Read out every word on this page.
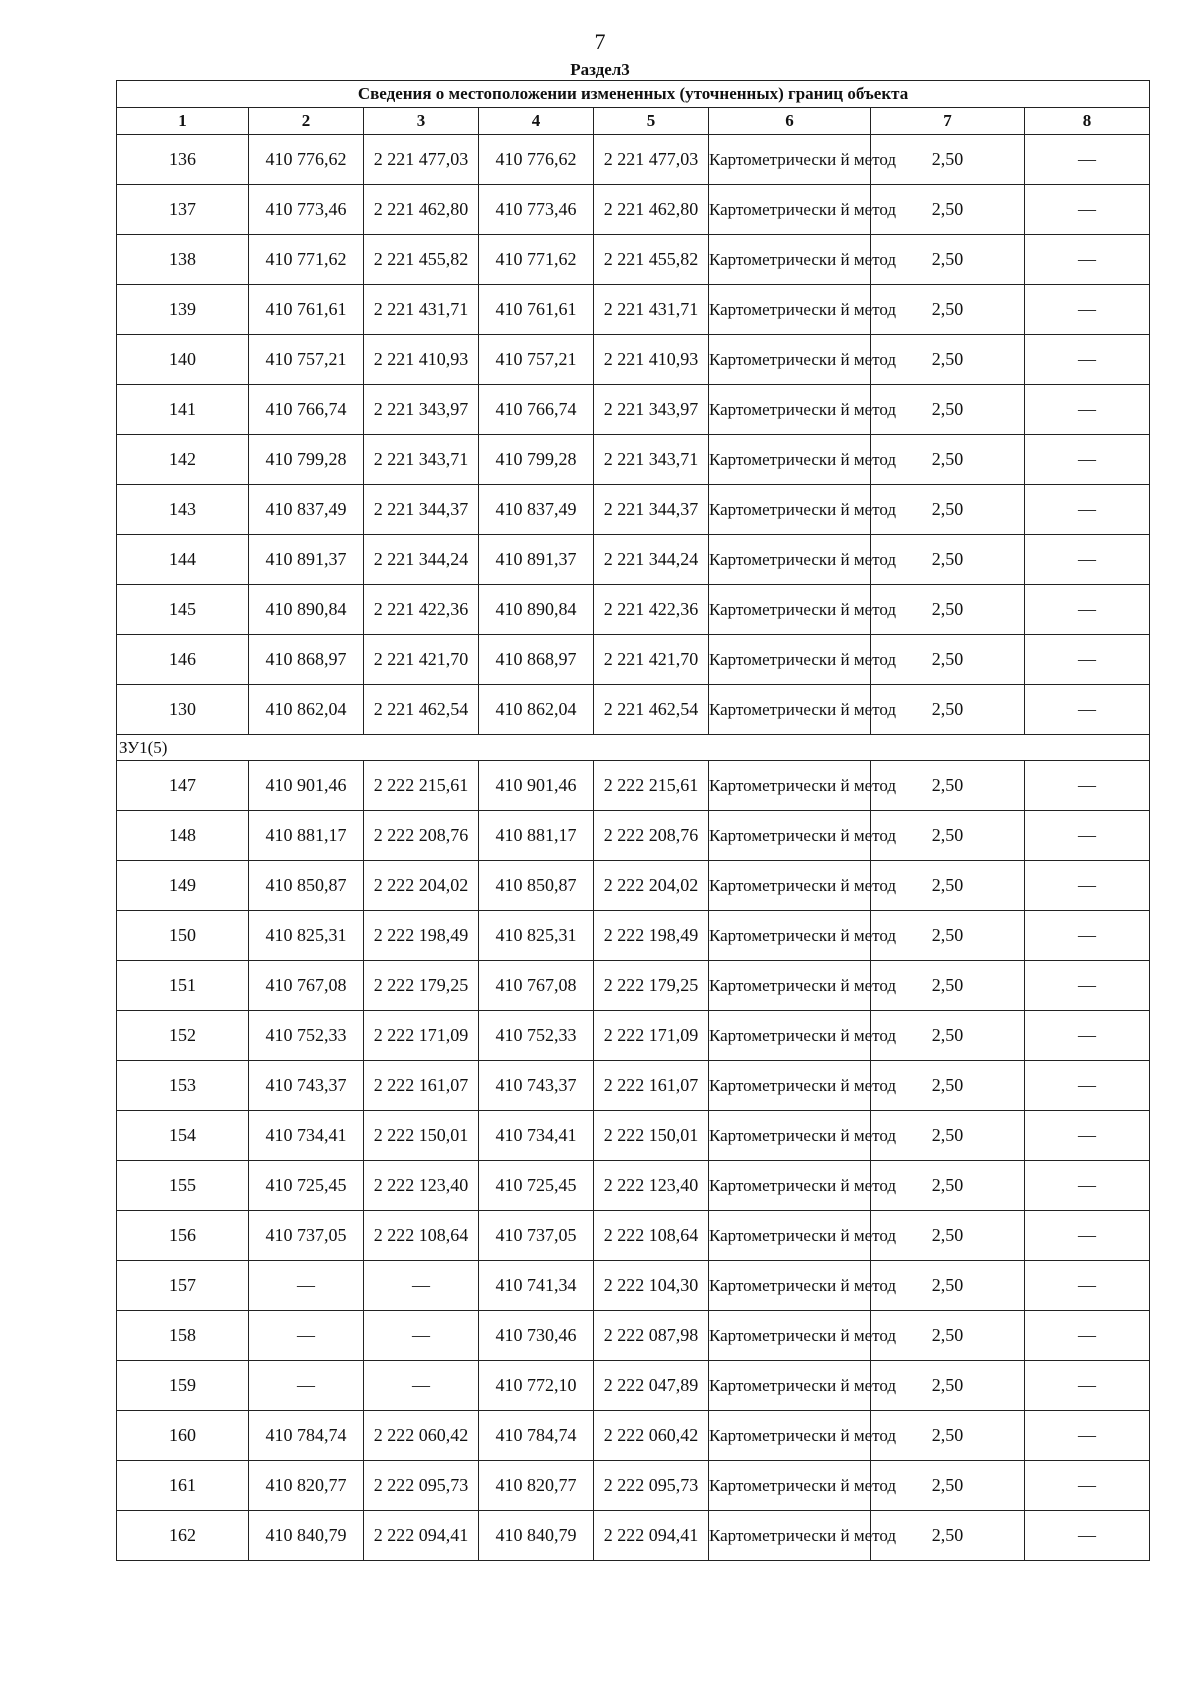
7
Раздел3
Сведения о местоположении измененных (уточненных) границ объекта							
1	2	3	4	5	6	7	8
136	410 776,62	2 221 477,03	410 776,62	2 221 477,03	Картометрически й метод	2,50	—
137	410 773,46	2 221 462,80	410 773,46	2 221 462,80	Картометрически й метод	2,50	—
138	410 771,62	2 221 455,82	410 771,62	2 221 455,82	Картометрически й метод	2,50	—
139	410 761,61	2 221 431,71	410 761,61	2 221 431,71	Картометрически й метод	2,50	—
140	410 757,21	2 221 410,93	410 757,21	2 221 410,93	Картометрически й метод	2,50	—
141	410 766,74	2 221 343,97	410 766,74	2 221 343,97	Картометрически й метод	2,50	—
142	410 799,28	2 221 343,71	410 799,28	2 221 343,71	Картометрически й метод	2,50	—
143	410 837,49	2 221 344,37	410 837,49	2 221 344,37	Картометрически й метод	2,50	—
144	410 891,37	2 221 344,24	410 891,37	2 221 344,24	Картометрически й метод	2,50	—
145	410 890,84	2 221 422,36	410 890,84	2 221 422,36	Картометрически й метод	2,50	—
146	410 868,97	2 221 421,70	410 868,97	2 221 421,70	Картометрически й метод	2,50	—
130	410 862,04	2 221 462,54	410 862,04	2 221 462,54	Картометрически й метод	2,50	—
ЗУ1(5)							
147	410 901,46	2 222 215,61	410 901,46	2 222 215,61	Картометрически й метод	2,50	—
148	410 881,17	2 222 208,76	410 881,17	2 222 208,76	Картометрически й метод	2,50	—
149	410 850,87	2 222 204,02	410 850,87	2 222 204,02	Картометрически й метод	2,50	—
150	410 825,31	2 222 198,49	410 825,31	2 222 198,49	Картометрически й метод	2,50	—
151	410 767,08	2 222 179,25	410 767,08	2 222 179,25	Картометрически й метод	2,50	—
152	410 752,33	2 222 171,09	410 752,33	2 222 171,09	Картометрически й метод	2,50	—
153	410 743,37	2 222 161,07	410 743,37	2 222 161,07	Картометрически й метод	2,50	—
154	410 734,41	2 222 150,01	410 734,41	2 222 150,01	Картометрически й метод	2,50	—
155	410 725,45	2 222 123,40	410 725,45	2 222 123,40	Картометрически й метод	2,50	—
156	410 737,05	2 222 108,64	410 737,05	2 222 108,64	Картометрически й метод	2,50	—
157	—	—	410 741,34	2 222 104,30	Картометрически й метод	2,50	—
158	—	—	410 730,46	2 222 087,98	Картометрически й метод	2,50	—
159	—	—	410 772,10	2 222 047,89	Картометрически й метод	2,50	—
160	410 784,74	2 222 060,42	410 784,74	2 222 060,42	Картометрически й метод	2,50	—
161	410 820,77	2 222 095,73	410 820,77	2 222 095,73	Картометрически й метод	2,50	—
162	410 840,79	2 222 094,41	410 840,79	2 222 094,41	Картометрически й метод	2,50	—
